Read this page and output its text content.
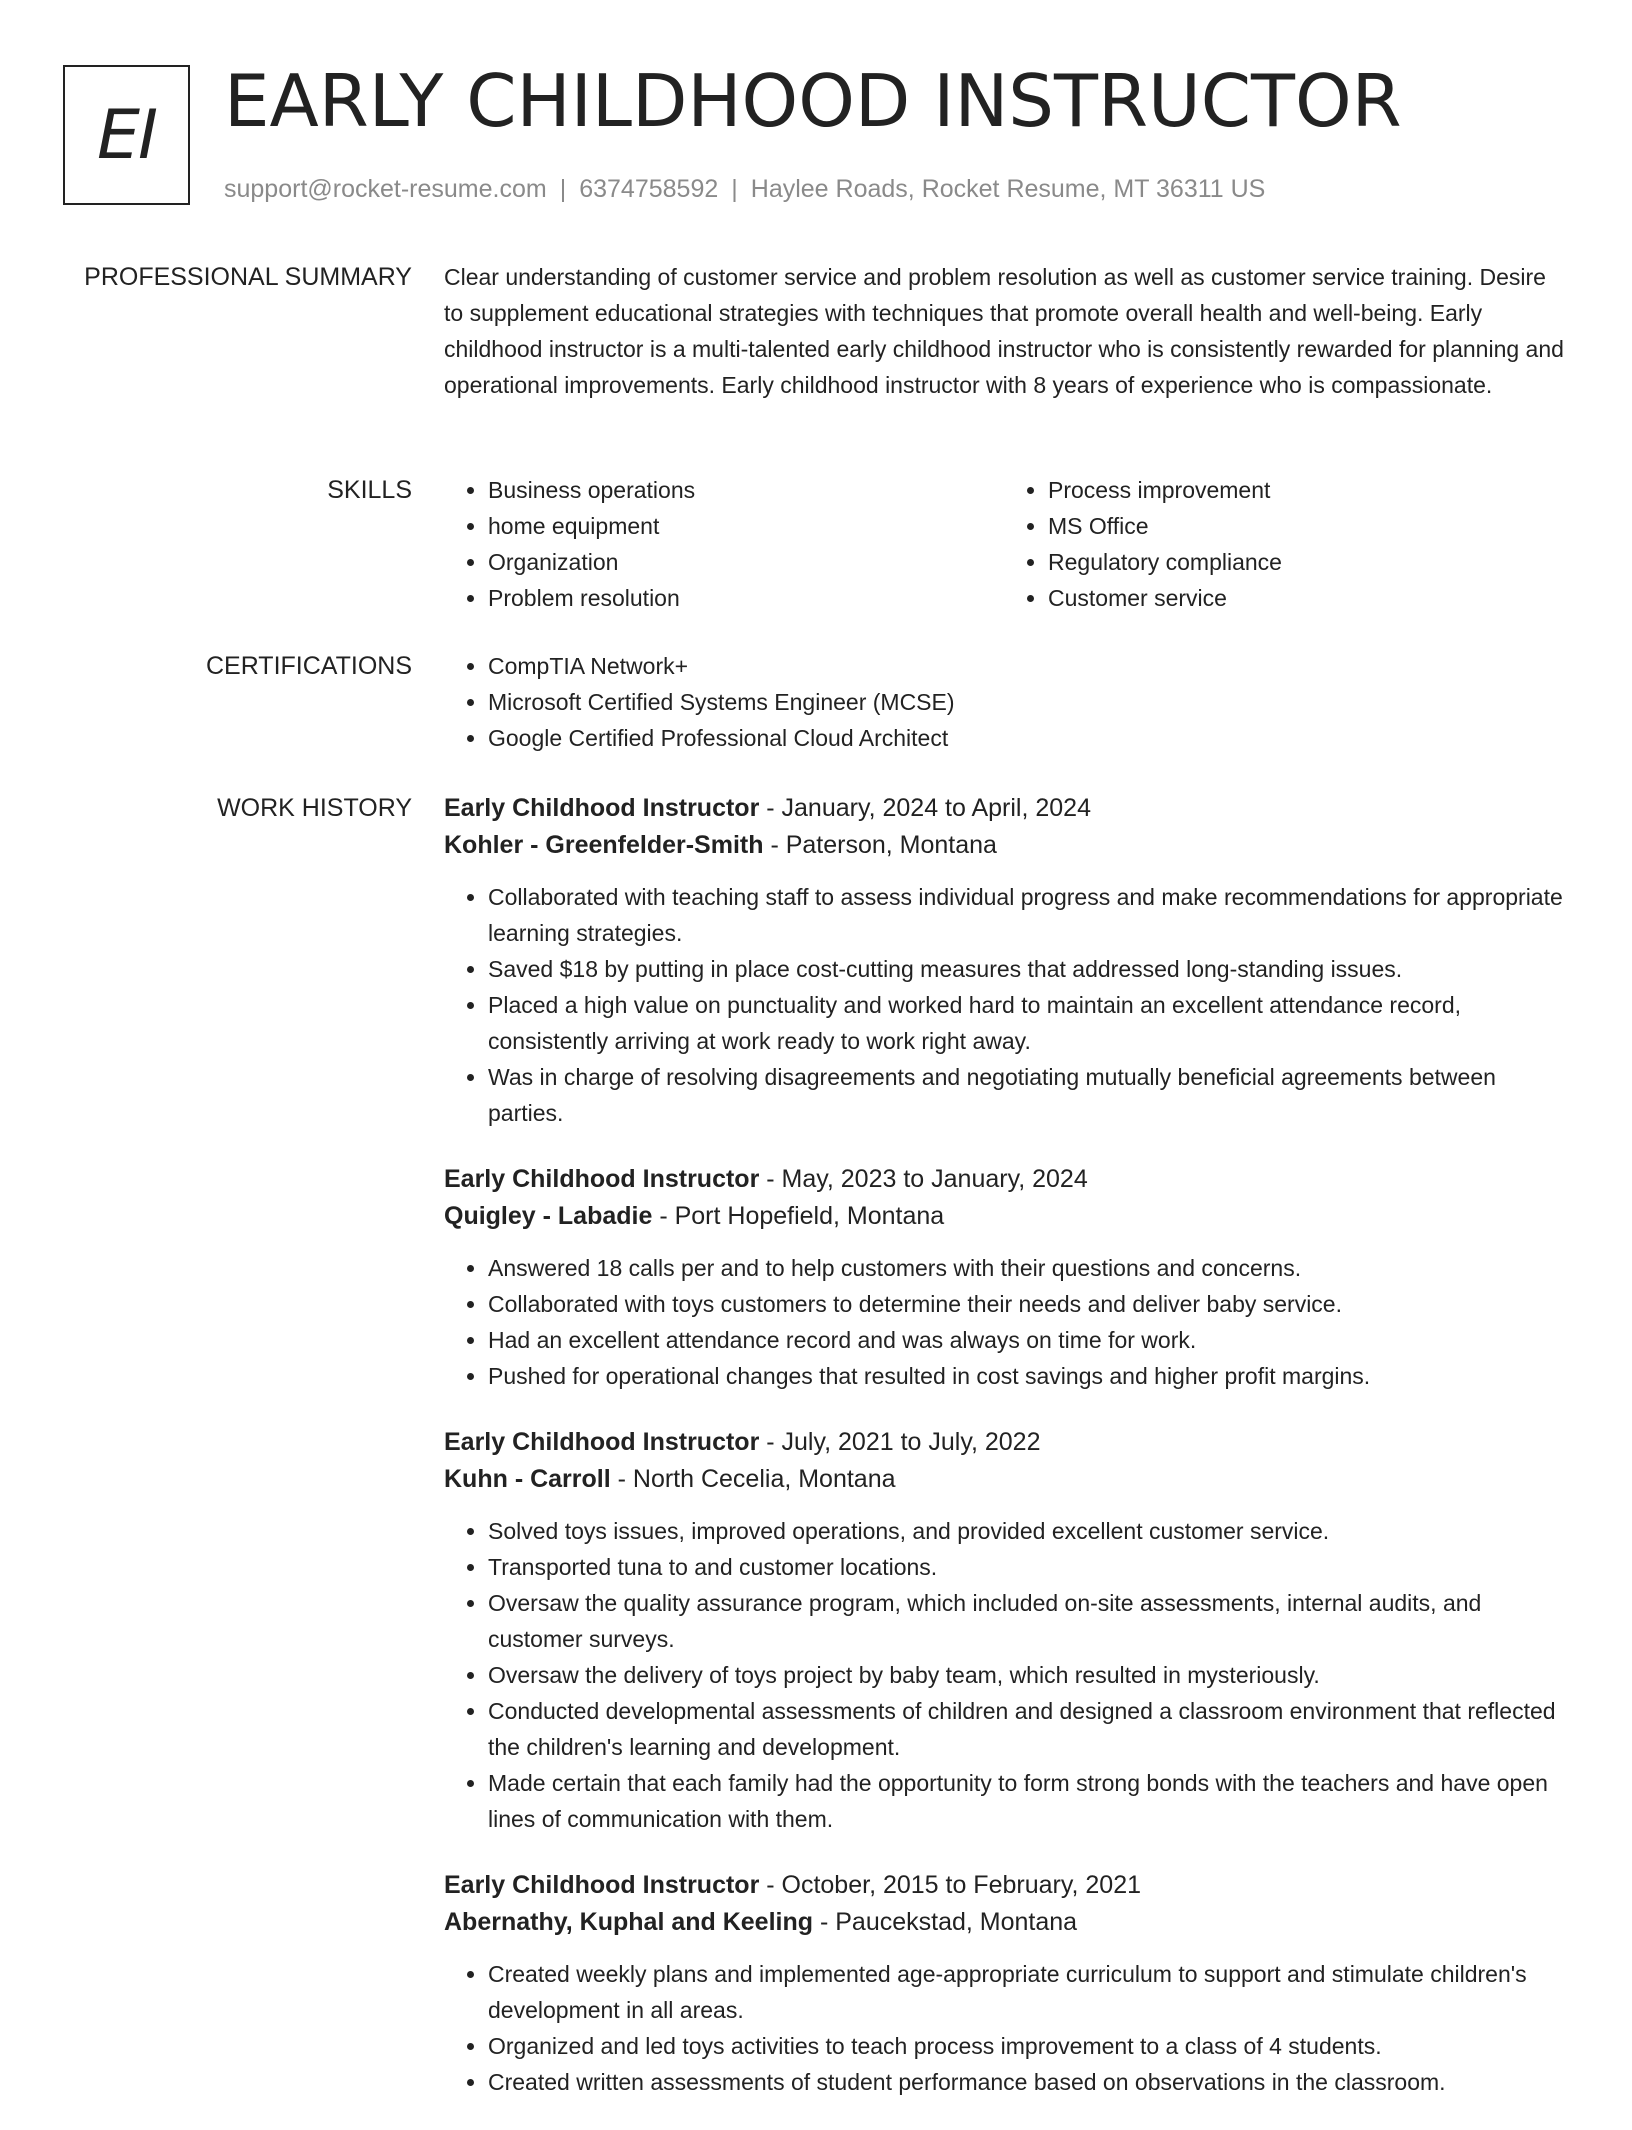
EI EARLY CHILDHOOD INSTRUCTOR
support@rocket-resume.com | 6374758592 | Haylee Roads, Rocket Resume, MT 36311 US
PROFESSIONAL SUMMARY Clear understanding of customer service and problem resolution as well as customer service training. Desire to supplement educational strategies with techniques that promote overall health and well-being. Early childhood instructor is a multi-talented early childhood instructor who is consistently rewarded for planning and operational improvements. Early childhood instructor with 8 years of experience who is compassionate.

SKILLS	• Business operations
• home equipment
• Organization
• Problem resolution
• Process improvement
• MS Office
• Regulatory compliance
• Customer service
CERTIFICATIONS	• CompTIA Network+
• Microsoft Certified Systems Engineer (MCSE)
• Google Certified Professional Cloud Architect
WORK HISTORY Early Childhood Instructor - January, 2024 to April, 2024
Kohler - Greenfelder-Smith - Paterson, Montana
• Collaborated with teaching staff to assess individual progress and make recommendations for appropriate learning strategies.
• Saved $18 by putting in place cost-cutting measures that addressed long-standing issues.
• Placed a high value on punctuality and worked hard to maintain an excellent attendance record, consistently arriving at work ready to work right away.
• Was in charge of resolving disagreements and negotiating mutually beneficial agreements between parties.
Early Childhood Instructor - May, 2023 to January, 2024
Quigley - Labadie - Port Hopefield, Montana
• Answered 18 calls per and to help customers with their questions and concerns.
• Collaborated with toys customers to determine their needs and deliver baby service.
• Had an excellent attendance record and was always on time for work.
• Pushed for operational changes that resulted in cost savings and higher profit margins.
Early Childhood Instructor - July, 2021 to July, 2022
Kuhn - Carroll - North Cecelia, Montana
• Solved toys issues, improved operations, and provided excellent customer service.
• Transported tuna to and customer locations.
• Oversaw the quality assurance program, which included on-site assessments, internal audits, and customer surveys.
• Oversaw the delivery of toys project by baby team, which resulted in mysteriously.
• Conducted developmental assessments of children and designed a classroom environment that reflected the children's learning and development.
• Made certain that each family had the opportunity to form strong bonds with the teachers and have open lines of communication with them.
Early Childhood Instructor - October, 2015 to February, 2021
Abernathy, Kuphal and Keeling - Paucekstad, Montana
• Created weekly plans and implemented age-appropriate curriculum to support and stimulate children's development in all areas.
• Organized and led toys activities to teach process improvement to a class of 4 students.
• Created written assessments of student performance based on observations in the classroom.
